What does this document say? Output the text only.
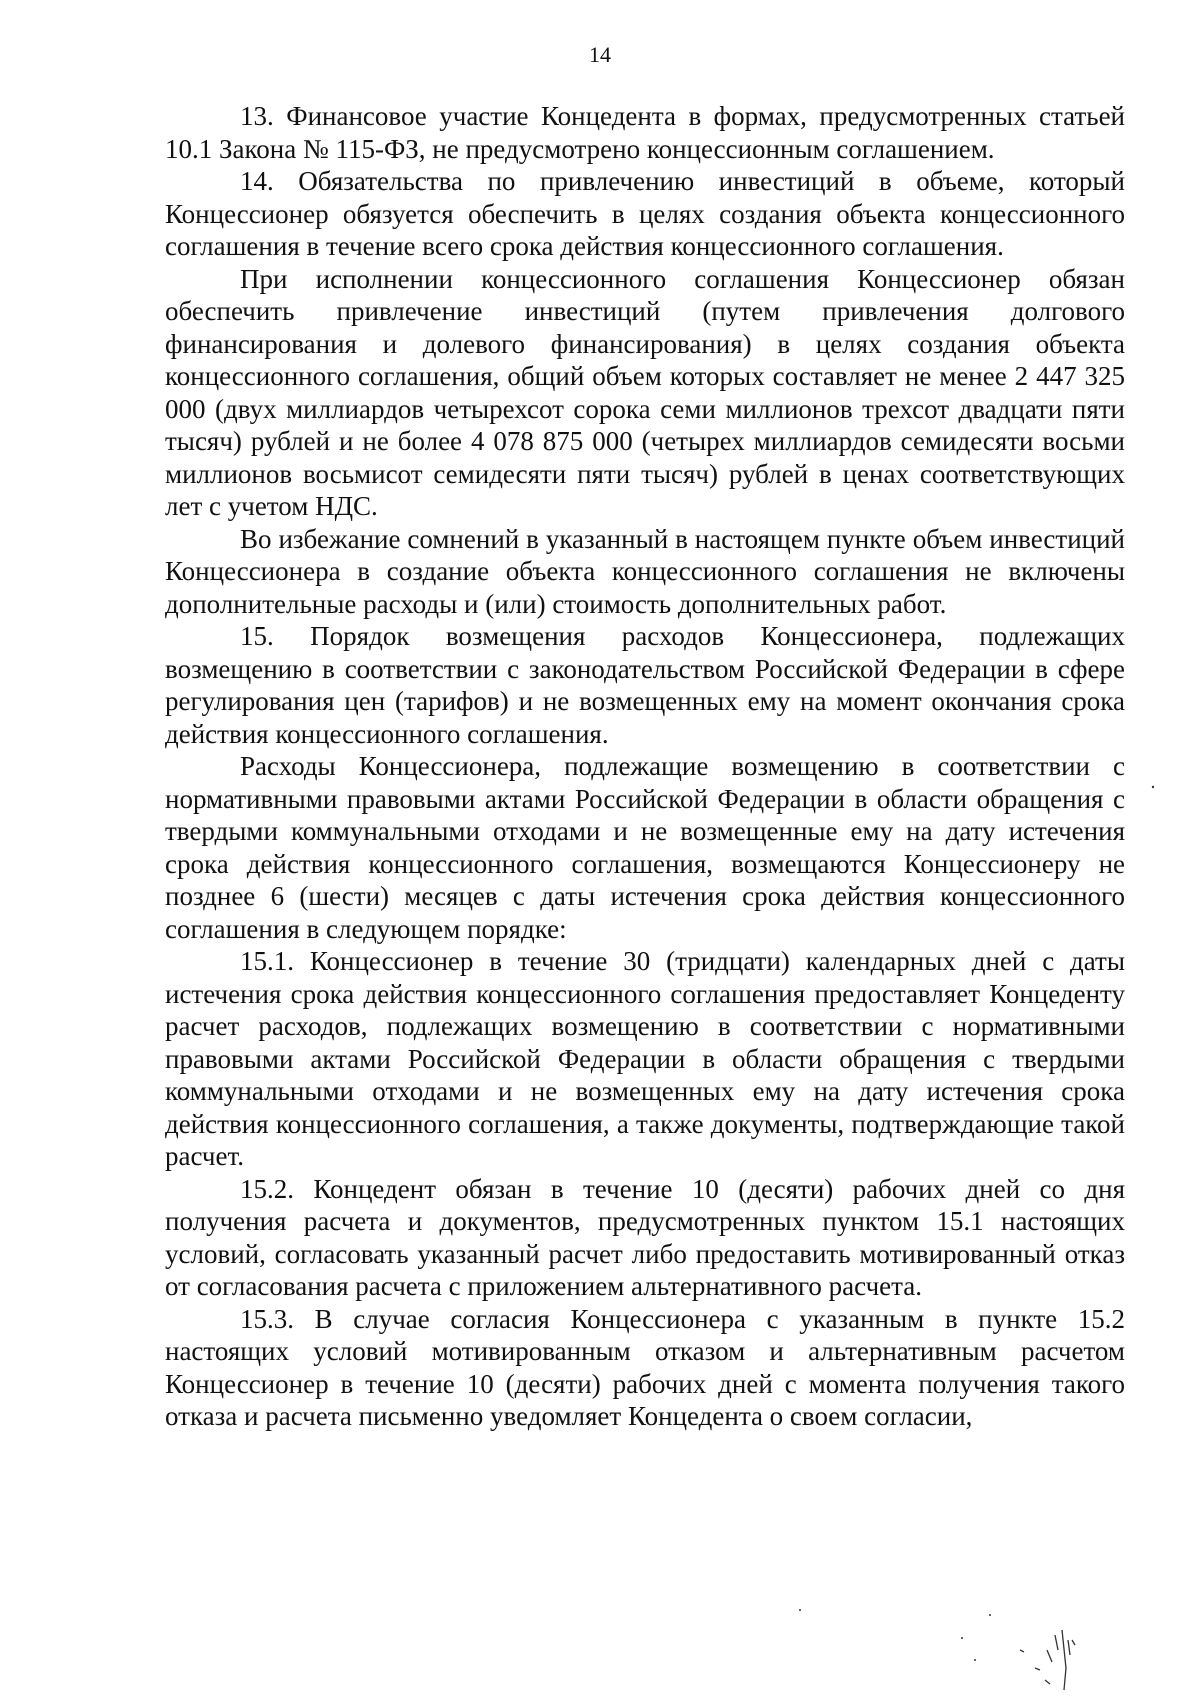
14

13. Финансовое участие Концедента в формах, предусмотренных статьей 10.1 Закона № 115-ФЗ, не предусмотрено концессионным соглашением.

14. Обязательства по привлечению инвестиций в объеме, который Концессионер обязуется обеспечить в целях создания объекта концессионного соглашения в течение всего срока действия концессионного соглашения.

При исполнении концессионного соглашения Концессионер обязан обеспечить привлечение инвестиций (путем привлечения долгового финансирования и долевого финансирования) в целях создания объекта концессионного соглашения, общий объем которых составляет не менее 2 447 325 000 (двух миллиардов четырехсот сорока семи миллионов трехсот двадцати пяти тысяч) рублей и не более 4 078 875 000 (четырех миллиардов семидесяти восьми миллионов восьмисот семидесяти пяти тысяч) рублей в ценах соответствующих лет с учетом НДС.

Во избежание сомнений в указанный в настоящем пункте объем инвестиций Концессионера в создание объекта концессионного соглашения не включены дополнительные расходы и (или) стоимость дополнительных работ.

15. Порядок возмещения расходов Концессионера, подлежащих возмещению в соответствии с законодательством Российской Федерации в сфере регулирования цен (тарифов) и не возмещенных ему на момент окончания срока действия концессионного соглашения.

Расходы Концессионера, подлежащие возмещению в соответствии с нормативными правовыми актами Российской Федерации в области обращения с твердыми коммунальными отходами и не возмещенные ему на дату истечения срока действия концессионного соглашения, возмещаются Концессионеру не позднее 6 (шести) месяцев с даты истечения срока действия концессионного соглашения в следующем порядке:

15.1. Концессионер в течение 30 (тридцати) календарных дней с даты истечения срока действия концессионного соглашения предоставляет Концеденту расчет расходов, подлежащих возмещению в соответствии с нормативными правовыми актами Российской Федерации в области обращения с твердыми коммунальными отходами и не возмещенных ему на дату истечения срока действия концессионного соглашения, а также документы, подтверждающие такой расчет.

15.2. Концедент обязан в течение 10 (десяти) рабочих дней со дня получения расчета и документов, предусмотренных пунктом 15.1 настоящих условий, согласовать указанный расчет либо предоставить мотивированный отказ от согласования расчета с приложением альтернативного расчета.

15.3. В случае согласия Концессионера с указанным в пункте 15.2 настоящих условий мотивированным отказом и альтернативным расчетом Концессионер в течение 10 (десяти) рабочих дней с момента получения такого отказа и расчета письменно уведомляет Концедента о своем согласии,
